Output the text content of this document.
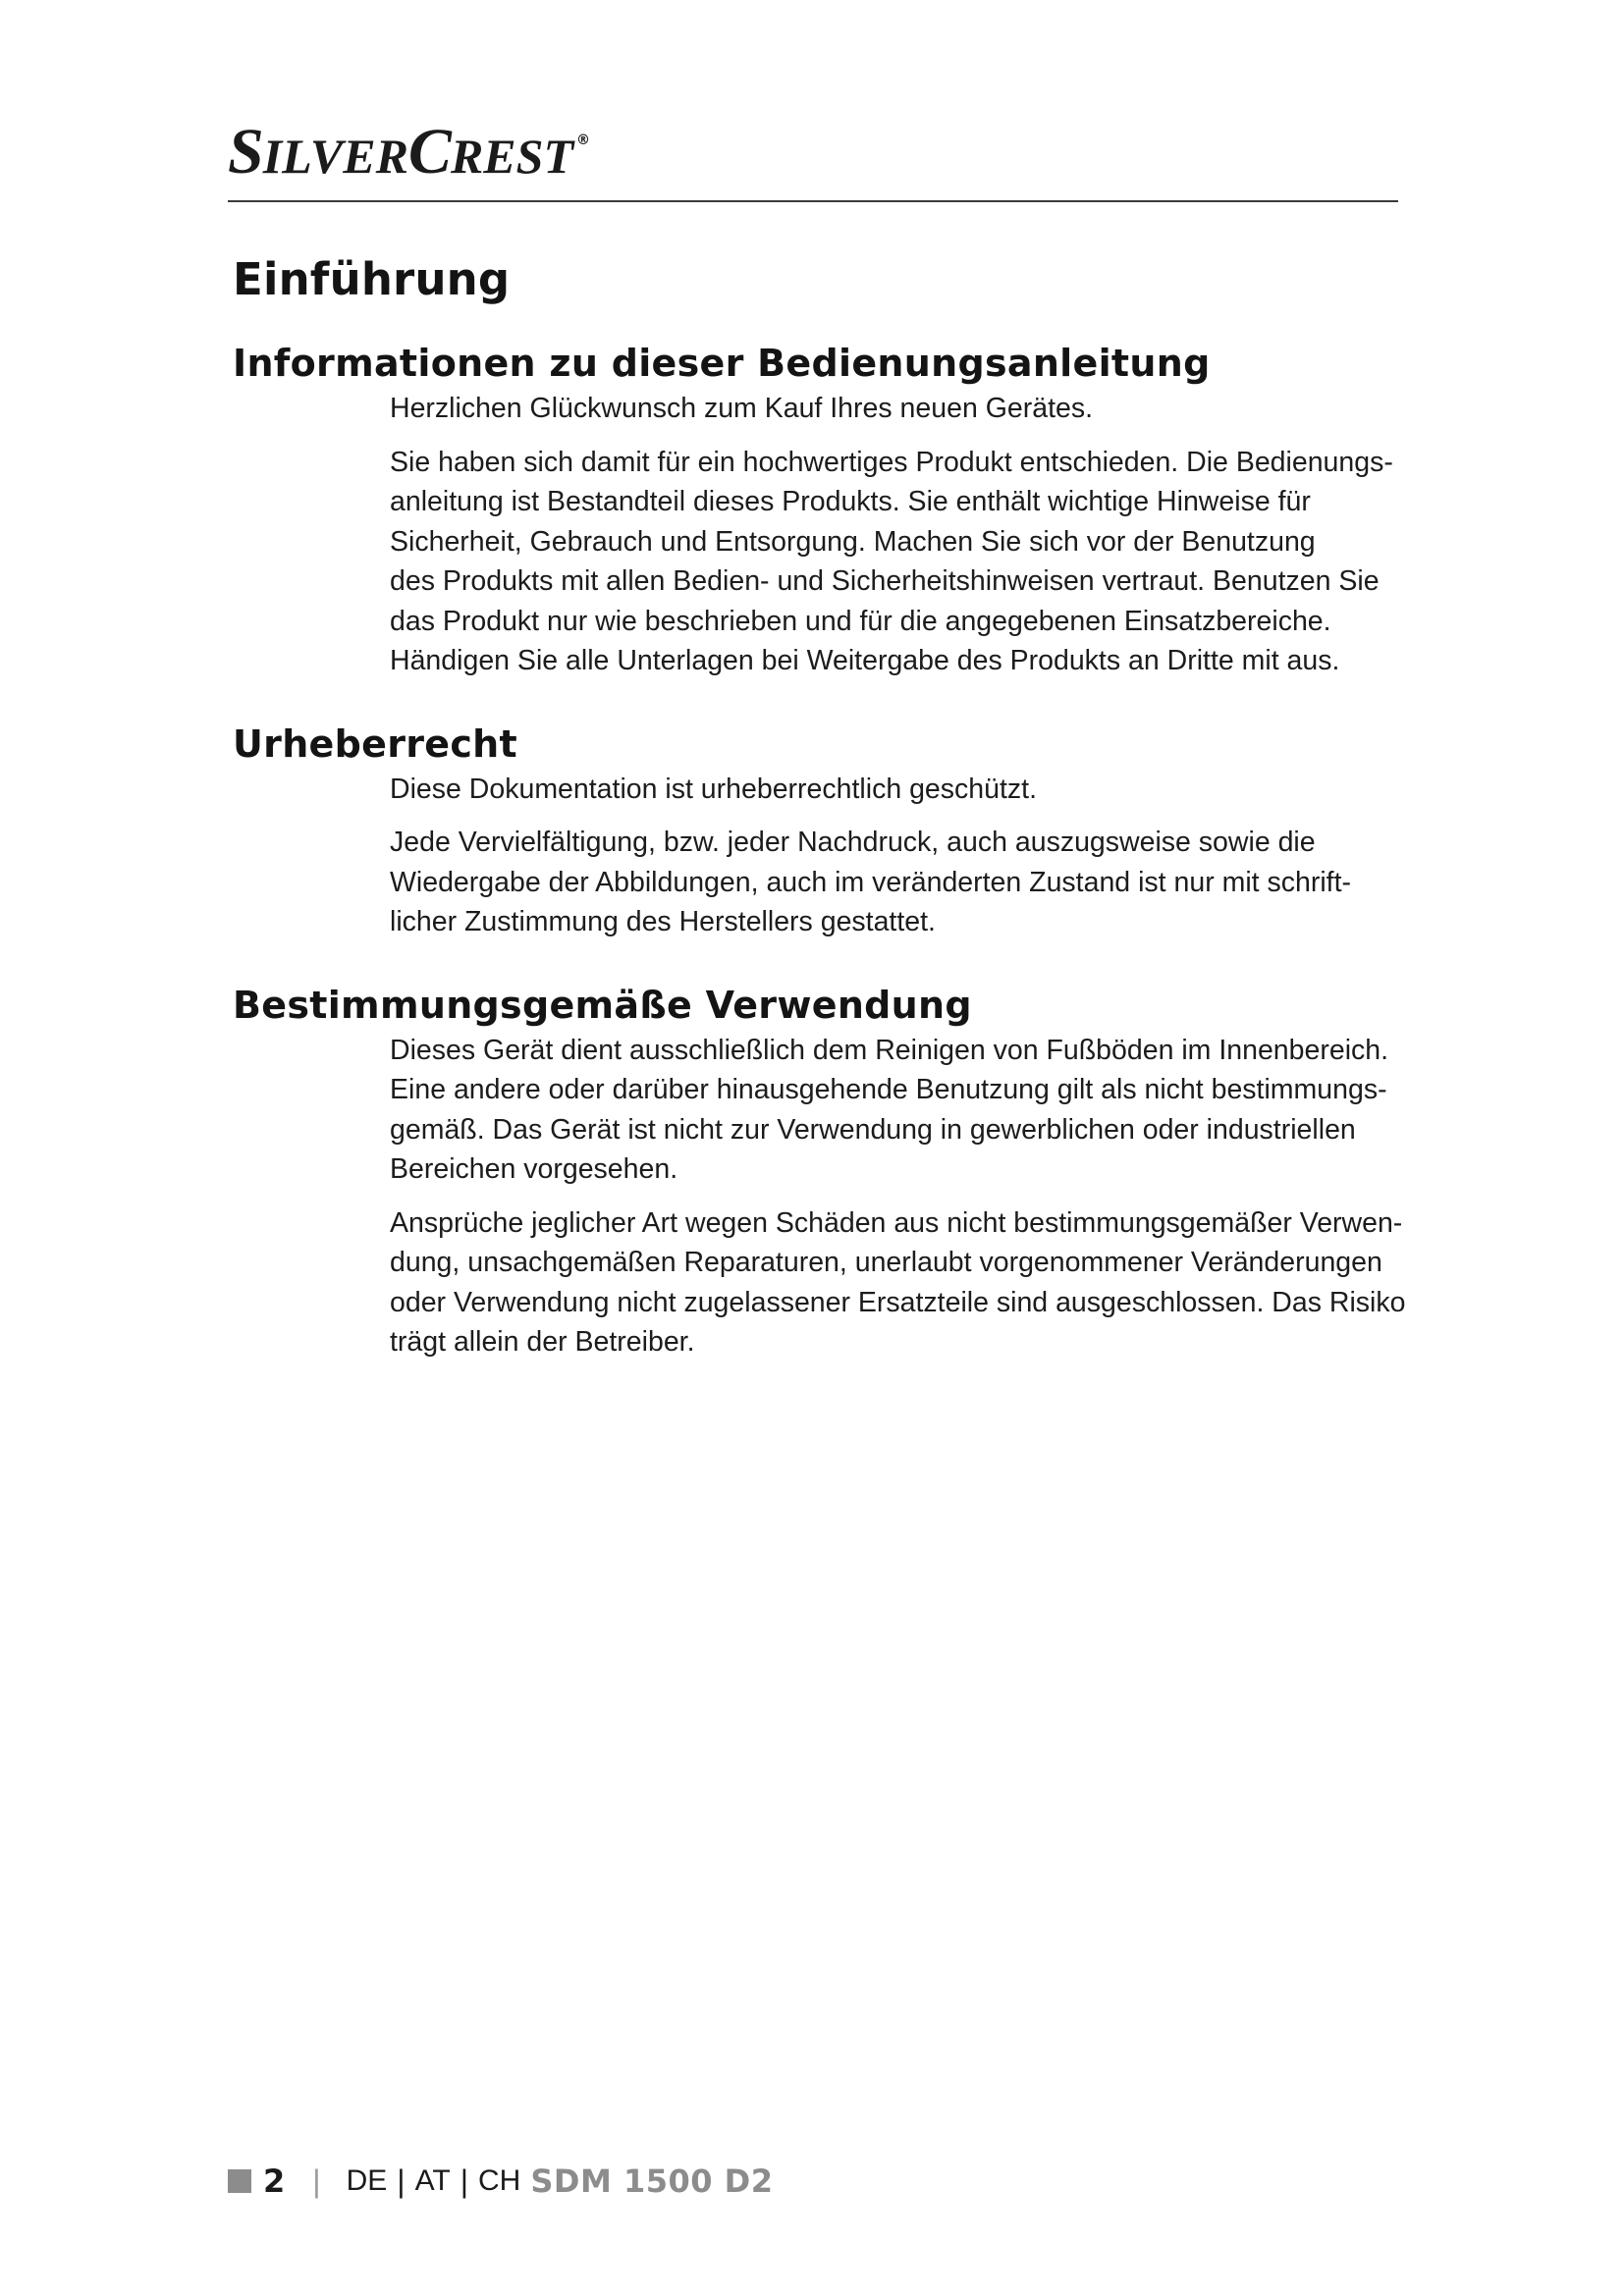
SILVERCREST ®
Einführung
Informationen zu dieser Bedienungsanleitung

Herzlichen Glückwunsch zum Kauf Ihres neuen Gerätes.

Sie haben sich damit für ein hochwertiges Produkt entschieden. Die Bedienungs-
anleitung ist Bestandteil dieses Produkts. Sie enthält wichtige Hinweise für
Sicherheit, Gebrauch und Entsorgung. Machen Sie sich vor der Benutzung
des Produkts mit allen Bedien- und Sicherheitshinweisen vertraut. Benutzen Sie
das Produkt nur wie beschrieben und für die angegebenen Einsatzbereiche.
Händigen Sie alle Unterlagen bei Weitergabe des Produkts an Dritte mit aus.

Urheberrecht

Diese Dokumentation ist urheberrechtlich geschützt.

Jede Vervielfältigung, bzw. jeder Nachdruck, auch auszugsweise sowie die
Wiedergabe der Abbildungen, auch im veränderten Zustand ist nur mit schrift-
licher Zustimmung des Herstellers gestattet.

Bestimmungsgemäße Verwendung

Dieses Gerät dient ausschließlich dem Reinigen von Fußböden im Innenbereich.
Eine andere oder darüber hinausgehende Benutzung gilt als nicht bestimmungs-
gemäß. Das Gerät ist nicht zur Verwendung in gewerblichen oder industriellen
Bereichen vorgesehen.

Ansprüche jeglicher Art wegen Schäden aus nicht bestimmungsgemäßer Verwen-
dung, unsachgemäßen Reparaturen, unerlaubt vorgenommener Veränderungen
oder Verwendung nicht zugelassener Ersatzteile sind ausgeschlossen. Das Risiko
trägt allein der Betreiber.

2 | DE | AT | CH SDM 1500 D2
